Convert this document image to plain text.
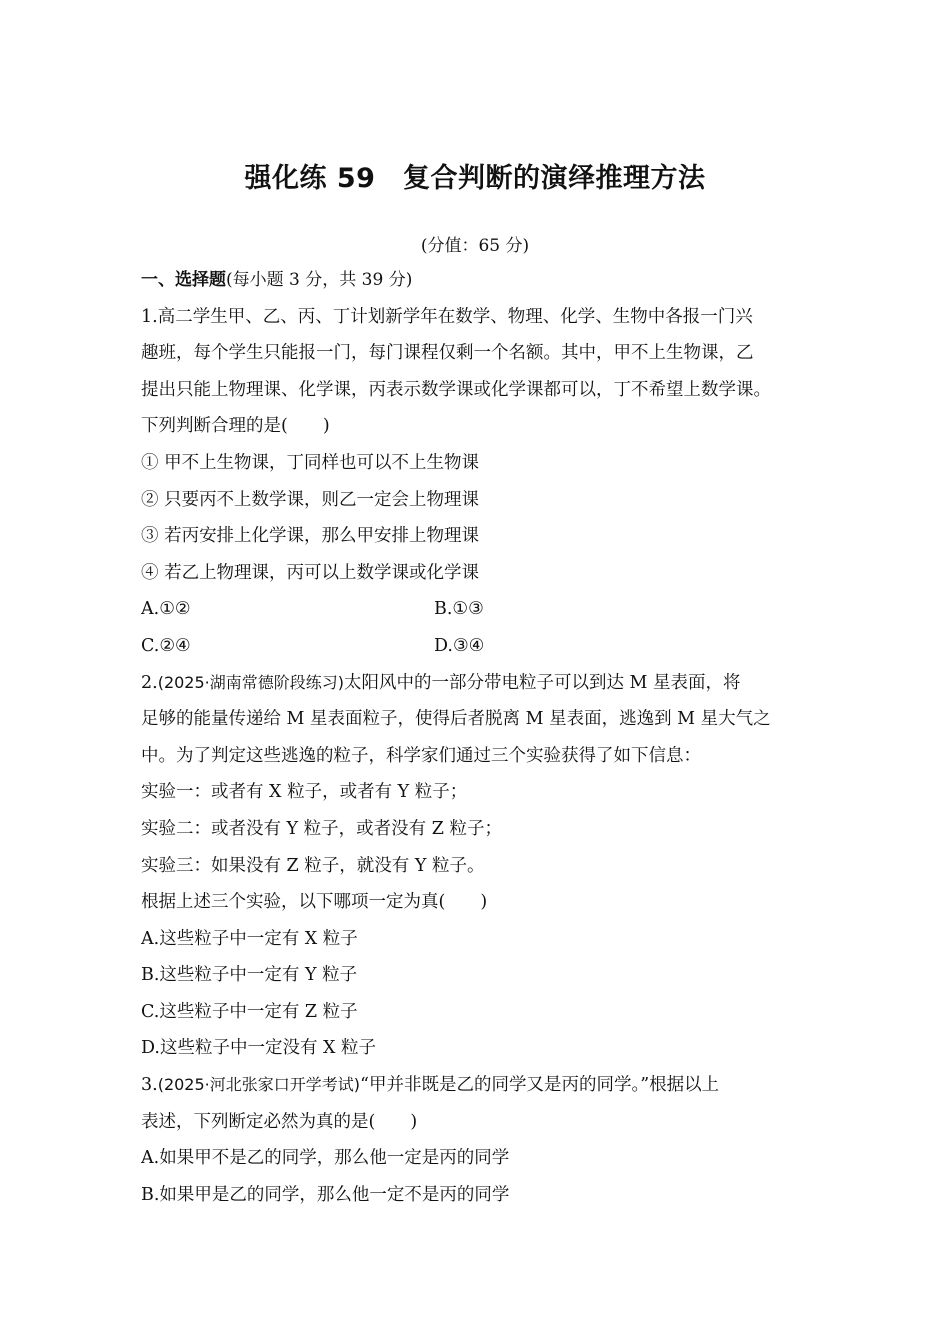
强化练 59　复合判断的演绎推理方法
(分值：65 分)
一、选择题(每小题 3 分，共 39 分)
1.高二学生甲、乙、丙、丁计划新学年在数学、物理、化学、生物中各报一门兴
趣班，每个学生只能报一门，每门课程仅剩一个名额。其中，甲不上生物课，乙
提出只能上物理课、化学课，丙表示数学课或化学课都可以，丁不希望上数学课。
下列判断合理的是(　　)
① 甲不上生物课，丁同样也可以不上生物课
② 只要丙不上数学课，则乙一定会上物理课
③ 若丙安排上化学课，那么甲安排上物理课
④ 若乙上物理课，丙可以上数学课或化学课
A.①②	B.①③
C.②④	D.③④
2.(2025·湖南常德阶段练习)太阳风中的一部分带电粒子可以到达 M 星表面，将
足够的能量传递给 M 星表面粒子，使得后者脱离 M 星表面，逃逸到 M 星大气之
中。为了判定这些逃逸的粒子，科学家们通过三个实验获得了如下信息：
实验一：或者有 X 粒子，或者有 Y 粒子；
实验二：或者没有 Y 粒子，或者没有 Z 粒子；
实验三：如果没有 Z 粒子，就没有 Y 粒子。
根据上述三个实验，以下哪项一定为真(　　)
A.这些粒子中一定有 X 粒子
B.这些粒子中一定有 Y 粒子
C.这些粒子中一定有 Z 粒子
D.这些粒子中一定没有 X 粒子
3.(2025·河北张家口开学考试)“甲并非既是乙的同学又是丙的同学。”根据以上
表述，下列断定必然为真的是(　　)
A.如果甲不是乙的同学，那么他一定是丙的同学
B.如果甲是乙的同学，那么他一定不是丙的同学
